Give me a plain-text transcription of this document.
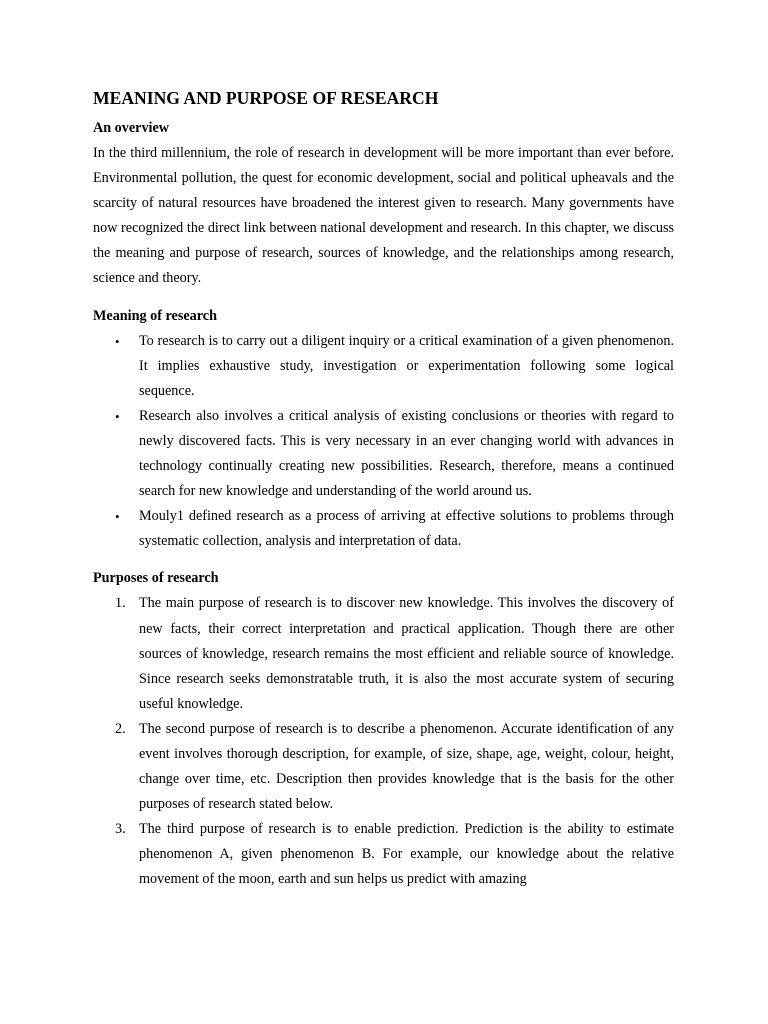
MEANING AND PURPOSE OF RESEARCH
An overview

In the third millennium, the role of research in development will be more important than ever before. Environmental pollution, the quest for economic development, social and political upheavals and the scarcity of natural resources have broadened the interest given to research. Many governments have now recognized the direct link between national development and research. In this chapter, we discuss the meaning and purpose of research, sources of knowledge, and the relationships among research, science and theory.

Meaning of research
•	To research is to carry out a diligent inquiry or a critical examination of a given phenomenon. It implies exhaustive study, investigation or experimentation following some logical sequence.
•	Research also involves a critical analysis of existing conclusions or theories with regard to newly discovered facts. This is very necessary in an ever changing world with advances in technology continually creating new possibilities. Research, therefore, means a continued search for new knowledge and understanding of the world around us.
•	Mouly1 defined research as a process of arriving at effective solutions to problems through systematic collection, analysis and interpretation of data.
Purposes of research
1. The main purpose of research is to discover new knowledge. This involves the discovery of new facts, their correct interpretation and practical application. Though there are other sources of knowledge, research remains the most efficient and reliable source of knowledge. Since research seeks demonstratable truth, it is also the most accurate system of securing useful knowledge.
2. The second purpose of research is to describe a phenomenon. Accurate identification of any event involves thorough description, for example, of size, shape, age, weight, colour, height, change over time, etc. Description then provides knowledge that is the basis for the other purposes of research stated below.
3. The third purpose of research is to enable prediction. Prediction is the ability to estimate phenomenon A, given phenomenon B. For example, our knowledge about the relative movement of the moon, earth and sun helps us predict with amazing
